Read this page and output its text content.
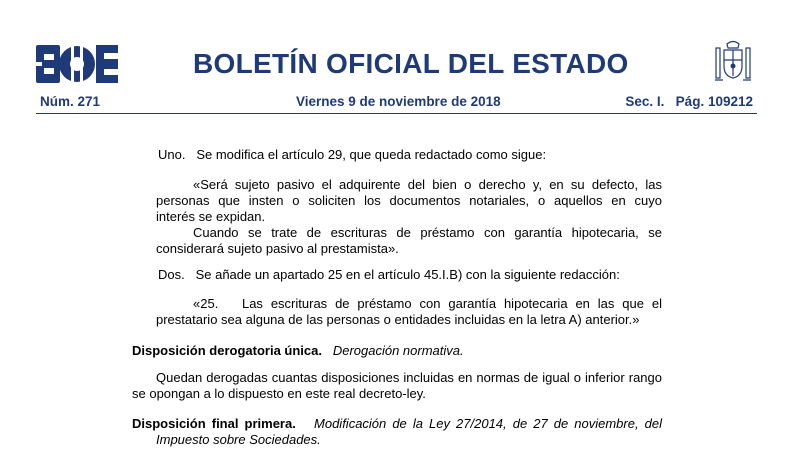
BOLETÍN OFICIAL DEL ESTADO
Núm. 271	Viernes 9 de noviembre de 2018	Sec. I.   Pág. 109212

Uno. Se modifica el artículo 29, que queda redactado como sigue:

«Será sujeto pasivo el adquirente del bien o derecho y, en su defecto, las

personas que insten o soliciten los documentos notariales, o aquellos en cuyo

interés se expidan.

Cuando se trate de escrituras de préstamo con garantía hipotecaria, se

considerará sujeto pasivo al prestamista».

Dos. Se añade un apartado 25 en el artículo 45.I.B) con la siguiente redacción:

«25.   Las escrituras de préstamo con garantía hipotecaria en las que el

prestatario sea alguna de las personas o entidades incluidas en la letra A) anterior.»

Disposición derogatoria única. Derogación normativa.

Quedan derogadas cuantas disposiciones incluidas en normas de igual o inferior rango

se opongan a lo dispuesto en este real decreto-ley.

Disposición final primera. Modificación de la Ley 27/2014, de 27 de noviembre, del

Impuesto sobre Sociedades.
